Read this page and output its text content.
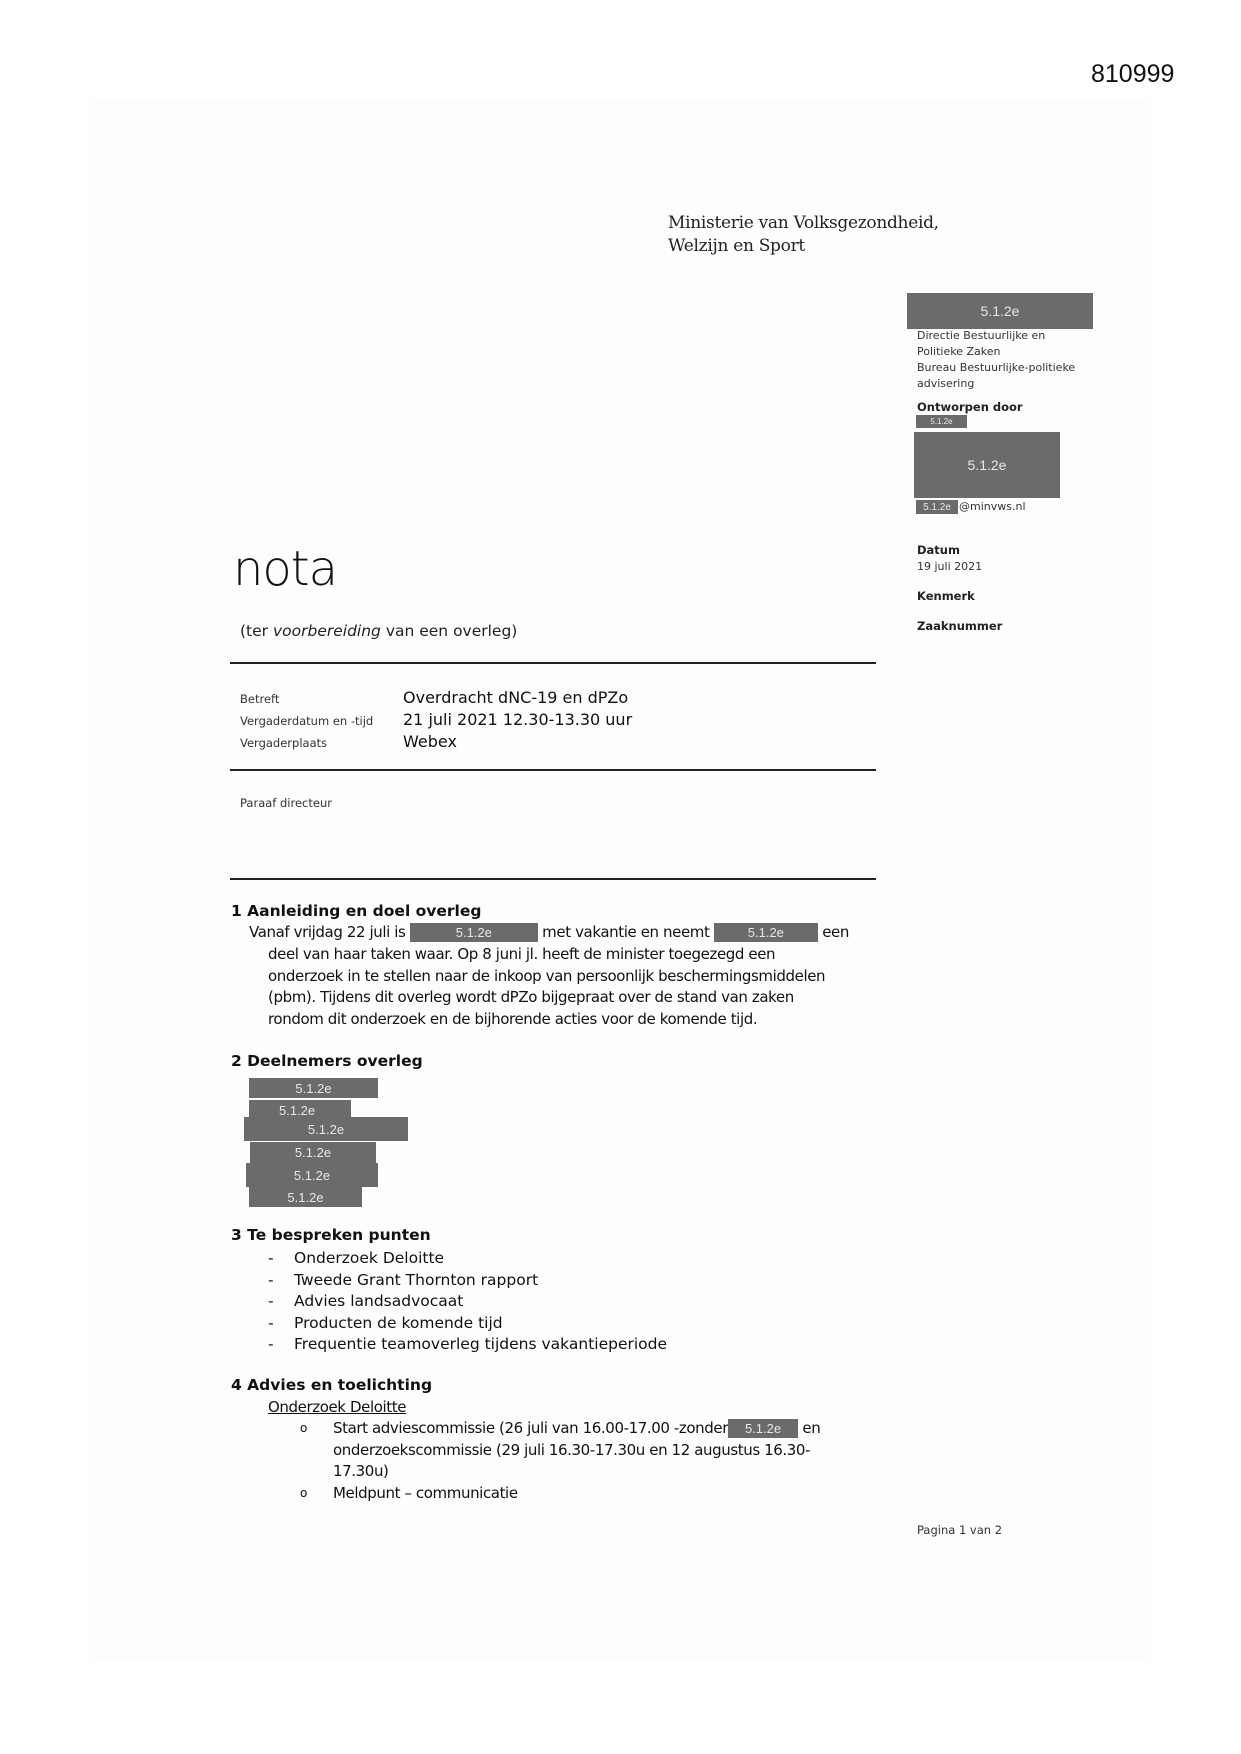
810999
Ministerie van Volksgezondheid,
Welzijn en Sport
5.1.2e
Directie Bestuurlijke en
Politieke Zaken
Bureau Bestuurlijke-politieke
advisering
Ontworpen door
5.1.2e
5.1.2e
5.1.2e @minvws.nl
Datum
19 juli 2021
Kenmerk
Zaaknummer
nota
(ter voorbereiding van een overleg)
Betreft	Overdracht dNC-19 en dPZo
Vergaderdatum en -tijd	21 juli 2021 12.30-13.30 uur
Vergaderplaats	Webex
Paraaf directeur
1 Aanleiding en doel overleg
Vanaf vrijdag 22 juli is	5.1.2e	met vakantie en neemt	5.1.2e een
deel van haar taken waar. Op 8 juni jl. heeft de minister toegezegd een
onderzoek in te stellen naar de inkoop van persoonlijk beschermingsmiddelen
(pbm). Tijdens dit overleg wordt dPZo bijgepraat over de stand van zaken
rondom dit onderzoek en de bijhorende acties voor de komende tijd.
2 Deelnemers overleg
5.1.2e
5.1.2e
5.1.2e
5.1.2e
5.1.2e
5.1.2e
3 Te bespreken punten
-	Onderzoek Deloitte
-	Tweede Grant Thornton rapport
-	Advies landsadvocaat
-	Producten de komende tijd
-	Frequentie teamoverleg tijdens vakantieperiode
4 Advies en toelichting
Onderzoek Deloitte
o	Start adviescommissie (26 juli van 16.00-17.00 -zonder 5.1.2e en
onderzoekscommissie (29 juli 16.30-17.30u en 12 augustus 16.30-
17.30u)
o	Meldpunt – communicatie
Pagina 1 van 2
